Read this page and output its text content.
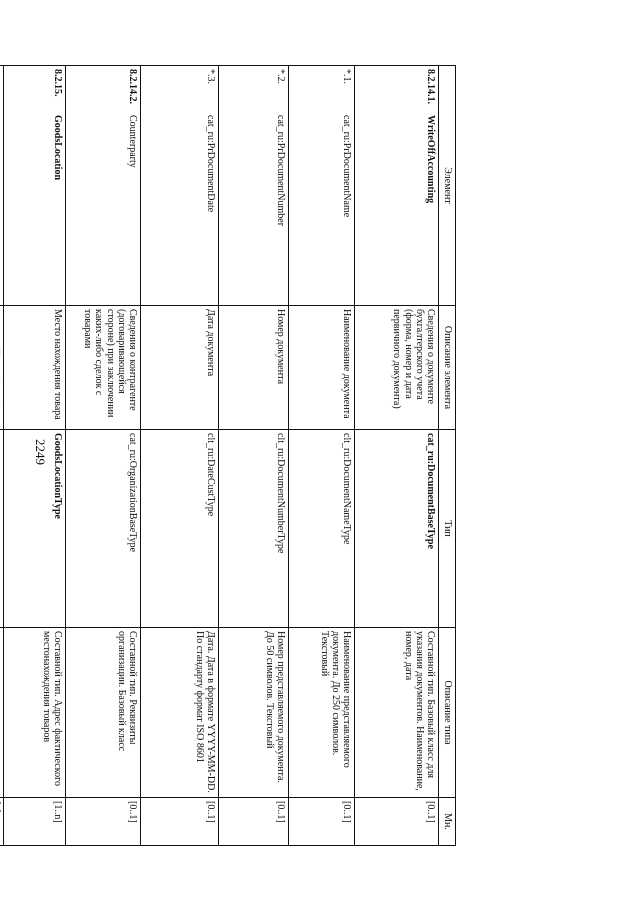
2249
Элемент	Описание элемента	Тип	Описание типа	Мн.

8.2.14.1.
WriteOffAccounting	Сведения о документе бухгалтерского учета (форма, номер и дата первичного документа)	cat_ru:DocumentBaseType	Составной тип. Базовый класс для указания документов. Наименование, номер, дата	[0..1]

*.1.
cat_ru:PrDocumentName	Наименование документа	clt_ru:DocumentNameType	Наименование представляемого документа. До 250 символов. Текстовый	[0..1]

*.2.
cat_ru:PrDocumentNumber	Номер документа	clt_ru:DocumentNumberType	Номер представляемого документа. До 50 символов. Текстовый	[0..1]

*.3.
cat_ru:PrDocumentDate	Дата документа	clt_ru:DateCustType	Дата. Дата в формате YYYY-MM-DD. По стандарту формат ISO 8601	[0..1]

8.2.14.2.
Counterparty	Сведения о контрагенте (договаривающейся стороне) при заключении каких-либо сделок с товарами	cat_ru:OrganizationBaseType	Составной тип. Реквизиты организации. Базовый класс	[0..1]

8.2.15.
GoodsLocation	Место нахождения товара	GoodsLocationType	Составной тип. Адрес фактического местонахождения товаров	[1..n]
